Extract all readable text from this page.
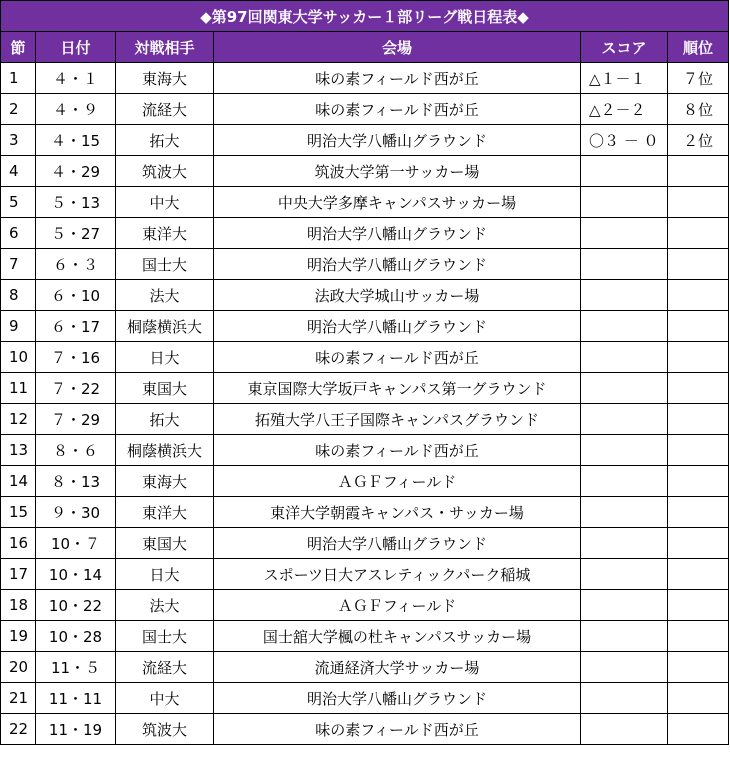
◆第97回関東大学サッカー１部リーグ戦日程表◆					
節	日付	対戦相手	会場	スコア	順位
1	４・１	東海大	味の素フィールド西が丘	△１－１	７位
2	４・９	流経大	味の素フィールド西が丘	△２－２	８位
3	４・15	拓大	明治大学八幡山グラウンド	〇３ － ０	２位
4	４・29	筑波大	筑波大学第一サッカー場		
5	５・13	中大	中央大学多摩キャンパスサッカー場		
6	５・27	東洋大	明治大学八幡山グラウンド		
7	６・３	国士大	明治大学八幡山グラウンド		
8	６・10	法大	法政大学城山サッカー場		
9	６・17	桐蔭横浜大	明治大学八幡山グラウンド		
10	７・16	日大	味の素フィールド西が丘		
11	７・22	東国大	東京国際大学坂戸キャンパス第一グラウンド		
12	７・29	拓大	拓殖大学八王子国際キャンパスグラウンド		
13	８・６	桐蔭横浜大	味の素フィールド西が丘		
14	８・13	東海大	ＡＧＦフィールド		
15	９・30	東洋大	東洋大学朝霞キャンパス・サッカー場		
16	10・７	東国大	明治大学八幡山グラウンド		
17	10・14	日大	スポーツ日大アスレティックパーク稲城		
18	10・22	法大	ＡＧＦフィールド		
19	10・28	国士大	国士舘大学楓の杜キャンパスサッカー場		
20	11・５	流経大	流通経済大学サッカー場		
21	11・11	中大	明治大学八幡山グラウンド		
22	11・19	筑波大	味の素フィールド西が丘		
